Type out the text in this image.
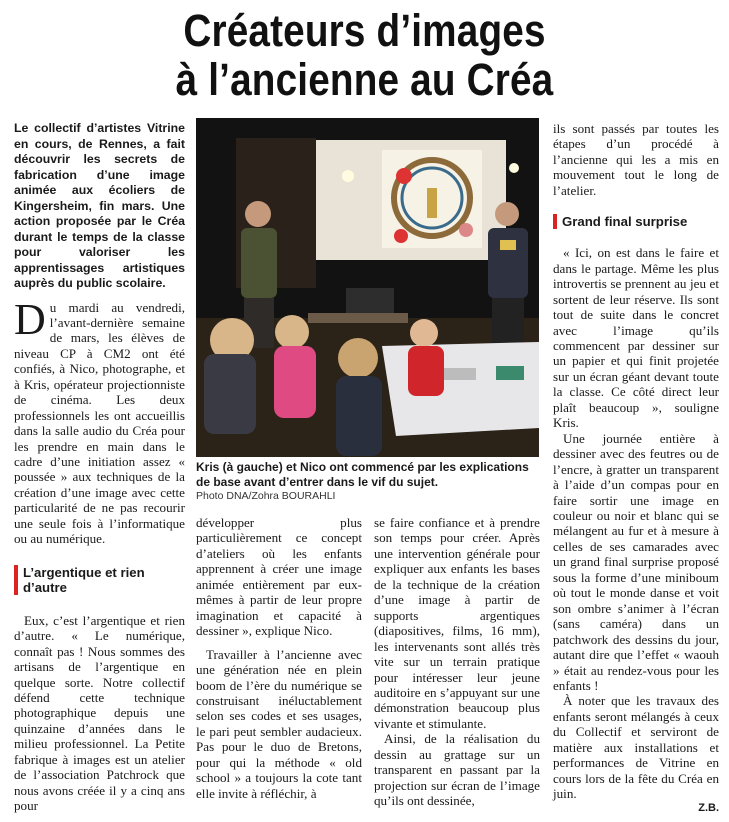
Créateurs d’images
à l’ancienne au Créa

Le collectif d’artistes Vitrine en cours, de Rennes, a fait découvrir les secrets de fabrication d’une image animée aux écoliers de Kingersheim, fin mars. Une action proposée par le Créa durant le temps de la classe pour valoriser les apprentissages artistiques auprès du public scolaire.

Du mardi au vendredi, l’avant-dernière semaine de mars, les élèves de niveau CP à CM2 ont été confiés, à Nico, photographe, et à Kris, opérateur projectionniste de cinéma. Les deux professionnels les ont accueillis dans la salle audio du Créa pour les prendre en main dans le cadre d’une initiation assez « poussée » aux techniques de la création d’une image avec cette particularité de ne pas recourir une seule fois à l’informatique ou au numérique.

L’argentique et rien d’autre

Eux, c’est l’argentique et rien d’autre. « Le numérique, connaît pas ! Nous sommes des artisans de l’argentique en quelque sorte. Notre collectif défend cette technique photographique depuis une quinzaine d’années dans le milieu professionnel. La Petite fabrique à images est un atelier de l’association Patchrock que nous avons créée il y a cinq ans pour

Kris (à gauche) et Nico ont commencé par les explications de base avant d’entrer dans le vif du sujet.
Photo DNA/Zohra BOURAHLI

développer plus particulièrement ce concept d’ateliers où les enfants apprennent à créer une image animée entièrement par eux-mêmes à partir de leur propre imagination et capacité à dessiner », explique Nico.

Travailler à l’ancienne avec une génération née en plein boom de l’ère du numérique se construisant inéluctablement selon ses codes et ses usages, le pari peut sembler audacieux. Pas pour le duo de Bretons, pour qui la méthode « old school » a toujours la cote tant elle invite à réfléchir, à

se faire confiance et à prendre son temps pour créer. Après une intervention générale pour expliquer aux enfants les bases de la technique de la création d’une image à partir de supports argentiques (diapositives, films, 16 mm), les intervenants sont allés très vite sur un terrain pratique pour intéresser leur jeune auditoire en s’appuyant sur une démonstration beaucoup plus vivante et stimulante.

Ainsi, de la réalisation du dessin au grattage sur un transparent en passant par la projection sur écran de l’image qu’ils ont dessinée,

ils sont passés par toutes les étapes d’un procédé à l’ancienne qui les a mis en mouvement tout le long de l’atelier.

Grand final surprise

« Ici, on est dans le faire et dans le partage. Même les plus introvertis se prennent au jeu et sortent de leur réserve. Ils sont tout de suite dans le concret avec l’image qu’ils commencent par dessiner sur un papier et qui finit projetée sur un écran géant devant toute la classe. Ce côté direct leur plaît beaucoup », souligne Kris.

Une journée entière à dessiner avec des feutres ou de l’encre, à gratter un transparent à l’aide d’un compas pour en faire sortir une image en couleur ou noir et blanc qui se mélangent au fur et à mesure à celles de ses camarades avec un grand final surprise proposé sous la forme d’une miniboum où tout le monde danse et voit son ombre s’animer à l’écran (sans caméra) dans un patchwork des dessins du jour, autant dire que l’effet « waouh » était au rendez-vous pour les enfants !

À noter que les travaux des enfants seront mélangés à ceux du Collectif et serviront de matière aux installations et performances de Vitrine en cours lors de la fête du Créa en juin.

Z.B.
